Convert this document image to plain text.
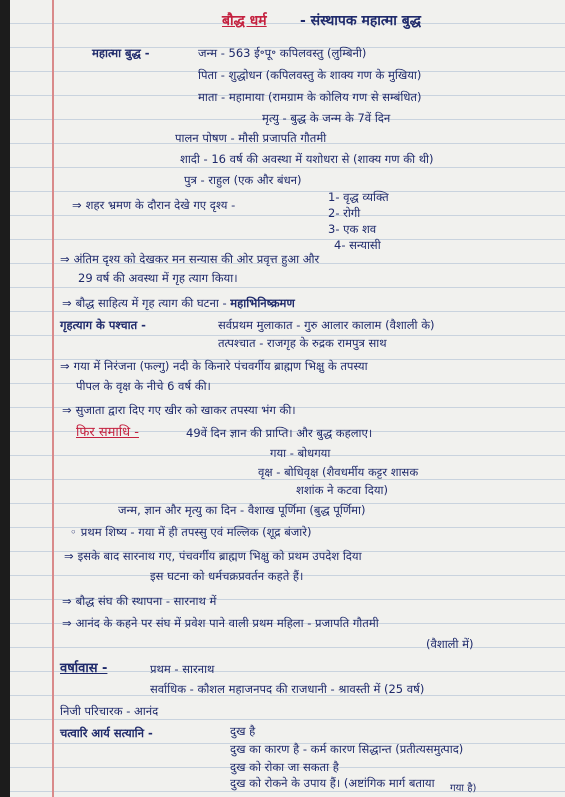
बौद्ध धर्म - संस्थापक महात्मा बुद्ध
महात्मा बुद्ध -	जन्म - 563 ई॰पू॰ कपिलवस्तु (लुम्बिनी)
पिता - शुद्धोधन (कपिलवस्तु के शाक्य गण के मुखिया)
माता - महामाया (रामग्राम के कोलिय गण से सम्बंधित)
मृत्यु - बुद्ध के जन्म के 7वें दिन
पालन पोषण - मौसी प्रजापति गौतमी
शादी - 16 वर्ष की अवस्था में यशोधरा से (शाक्य गण की थी)
पुत्र - राहुल (एक और बंधन)
⇒ शहर भ्रमण के दौरान देखे गए दृश्य -
1- वृद्ध व्यक्ति
2- रोगी
3- एक शव
4- सन्यासी
⇒ अंतिम दृश्य को देखकर मन सन्यास की ओर प्रवृत्त हुआ और
29 वर्ष की अवस्था में गृह त्याग किया।
⇒ बौद्ध साहित्य में गृह त्याग की घटना - महाभिनिष्क्रमण
गृहत्याग के पश्चात -	सर्वप्रथम मुलाकात - गुरु आलार कालाम (वैशाली के)
तत्पश्चात - राजगृह के रुद्रक रामपुत्र साथ
⇒ गया में निरंजना (फल्गु) नदी के किनारे पंचवर्गीय ब्राह्मण भिक्षु के तपस्या
पीपल के वृक्ष के नीचे 6 वर्ष की।
⇒ सुजाता द्वारा दिए गए खीर को खाकर तपस्या भंग की।
फिर समाधि -	49वें दिन ज्ञान की प्राप्ति। और बुद्ध कहलाए।
गया - बोधगया
वृक्ष - बोधिवृक्ष (शैवधर्मीय कट्टर शासक
शशांक ने कटवा दिया)
जन्म, ज्ञान और मृत्यु का दिन - वैशाख पूर्णिमा (बुद्ध पूर्णिमा)
◦ प्रथम शिष्य - गया में ही तपस्सु एवं मल्लिक (शूद्र बंजारे)
⇒ इसके बाद सारनाथ गए, पंचवर्गीय ब्राह्मण भिक्षु को प्रथम उपदेश दिया
इस घटना को धर्मचक्रप्रवर्तन कहते हैं।
⇒ बौद्ध संघ की स्थापना - सारनाथ में
⇒ आनंद के कहने पर संघ में प्रवेश पाने वाली प्रथम महिला - प्रजापति गौतमी
(वैशाली में)
वर्षावास -	प्रथम - सारनाथ
सर्वाधिक - कौशल महाजनपद की राजधानी - श्रावस्ती में (25 वर्ष)
निजी परिचारक - आनंद
चत्वारि आर्य सत्यानि -	दुख है
दुख का कारण है - कर्म कारण सिद्धान्त (प्रतीत्यसमुत्पाद)
दुख को रोका जा सकता है
दुख को रोकने के उपाय हैं। (अष्टांगिक मार्ग बताया गया है)
